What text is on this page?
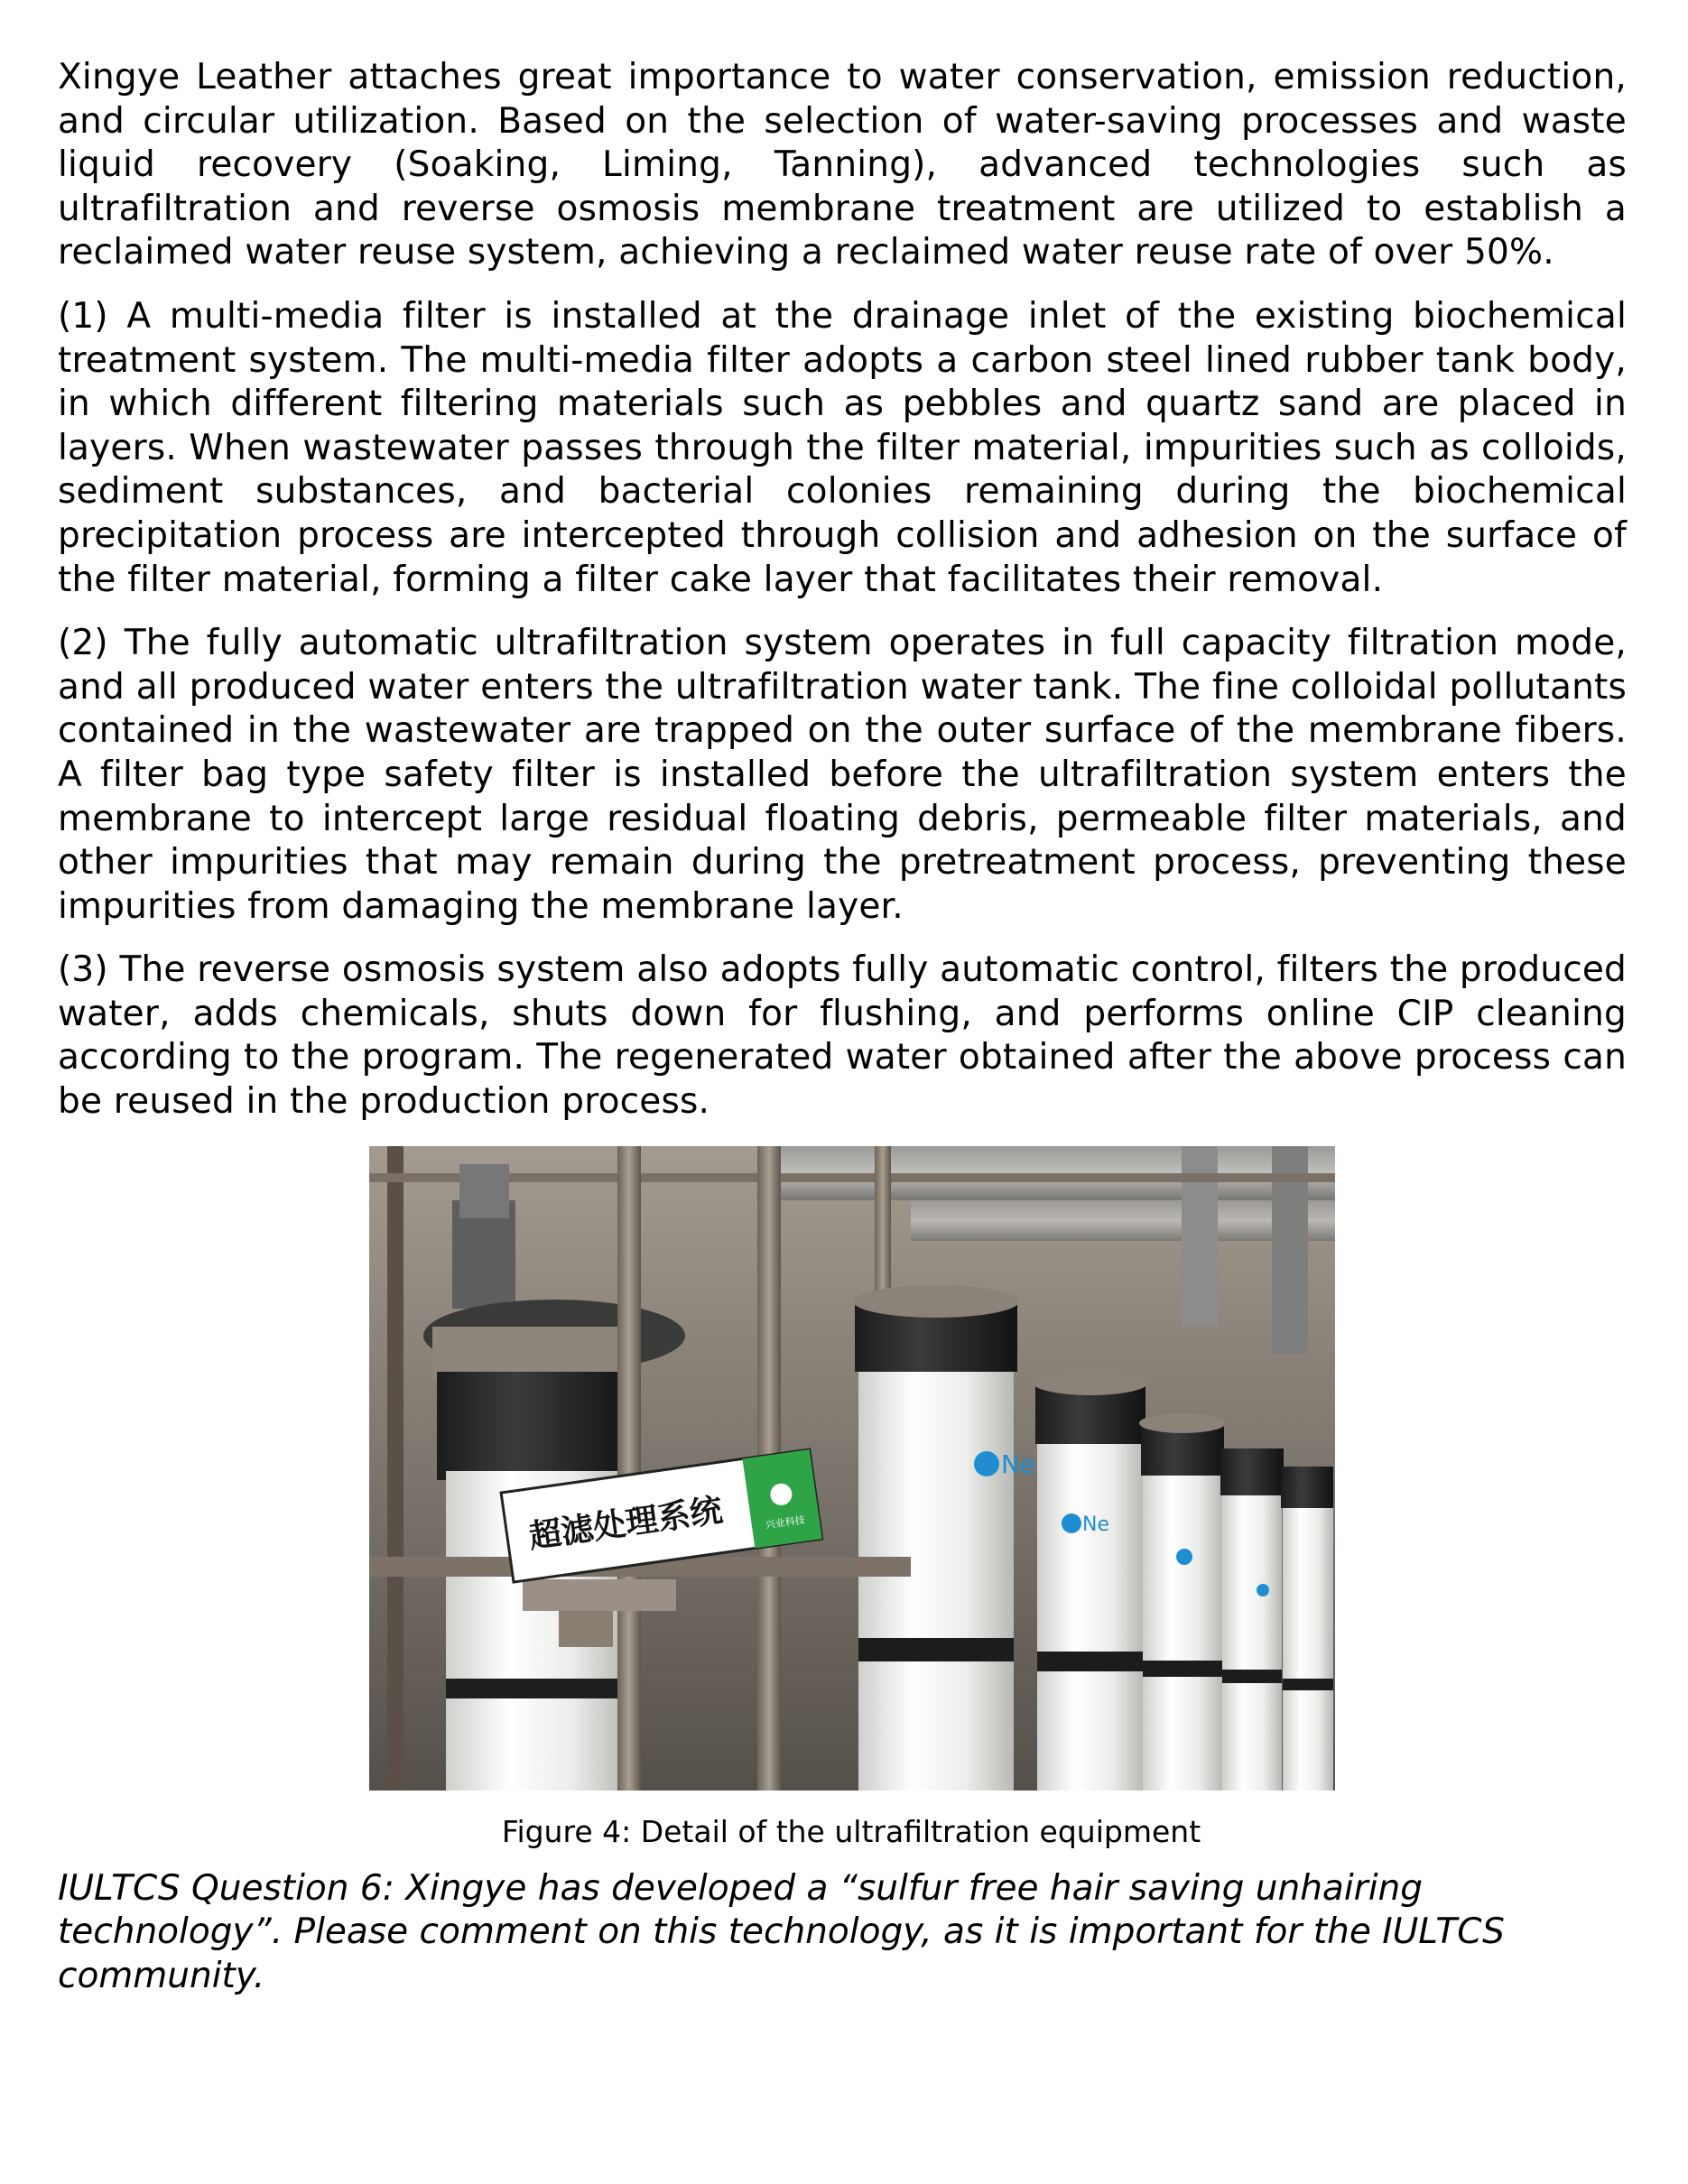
Xingye Leather attaches great importance to water conservation, emission reduction, and circular utilization. Based on the selection of water-saving processes and waste liquid recovery (Soaking, Liming, Tanning), advanced technologies such as ultrafiltration and reverse osmosis membrane treatment are utilized to establish a reclaimed water reuse system, achieving a reclaimed water reuse rate of over 50%.

(1) A multi-media filter is installed at the drainage inlet of the existing biochemical treatment system. The multi-media filter adopts a carbon steel lined rubber tank body, in which different filtering materials such as pebbles and quartz sand are placed in layers. When wastewater passes through the filter material, impurities such as colloids, sediment substances, and bacterial colonies remaining during the biochemical precipitation process are intercepted through collision and adhesion on the surface of the filter material, forming a filter cake layer that facilitates their removal.

(2) The fully automatic ultrafiltration system operates in full capacity filtration mode, and all produced water enters the ultrafiltration water tank. The fine colloidal pollutants contained in the wastewater are trapped on the outer surface of the membrane fibers. A filter bag type safety filter is installed before the ultrafiltration system enters the membrane to intercept large residual floating debris, permeable filter materials, and other impurities that may remain during the pretreatment process, preventing these impurities from damaging the membrane layer.

(3) The reverse osmosis system also adopts fully automatic control, filters the produced water, adds chemicals, shuts down for flushing, and performs online CIP cleaning according to the program. The regenerated water obtained after the above process can be reused in the production process.

超滤处理系统	兴业科技
Ne
Ne

Figure 4: Detail of the ultrafiltration equipment

IULTCS Question 6: Xingye has developed a “sulfur free hair saving unhairing technology”. Please comment on this technology, as it is important for the IULTCS community.
